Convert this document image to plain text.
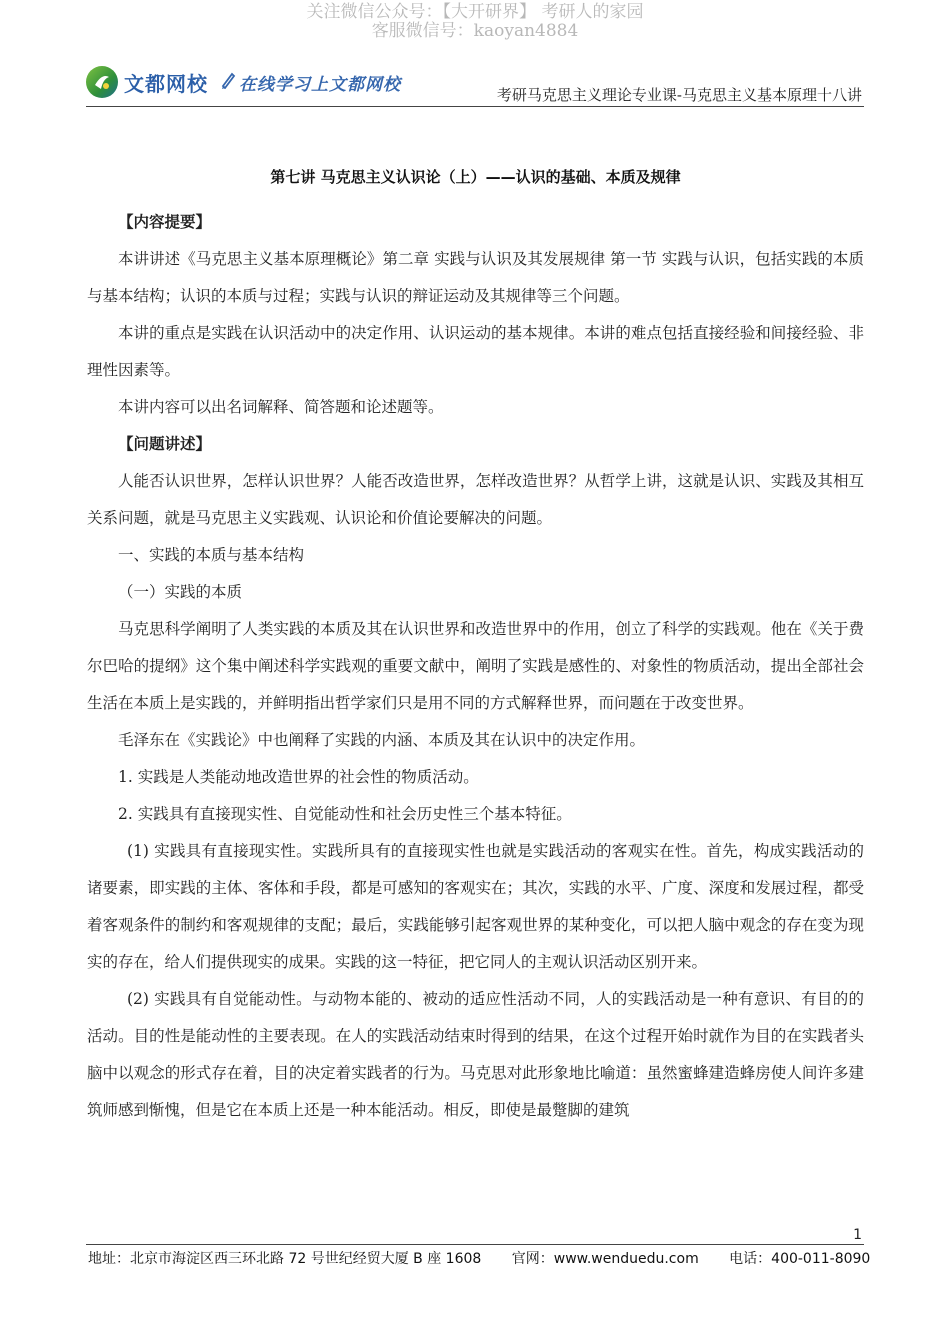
关注微信公众号：【大开研界】 考研人的家园
客服微信号：kaoyan4884
文都网校 在线学习上文都网校
考研马克思主义理论专业课-马克思主义基本原理十八讲
第七讲 马克思主义认识论（上）——认识的基础、本质及规律

【内容提要】

本讲讲述《马克思主义基本原理概论》第二章 实践与认识及其发展规律 第一节 实践与认识，包括实践的本质与基本结构；认识的本质与过程；实践与认识的辩证运动及其规律等三个问题。

本讲的重点是实践在认识活动中的决定作用、认识运动的基本规律。本讲的难点包括直接经验和间接经验、非理性因素等。

本讲内容可以出名词解释、简答题和论述题等。

【问题讲述】

人能否认识世界，怎样认识世界？人能否改造世界，怎样改造世界？从哲学上讲，这就是认识、实践及其相互关系问题，就是马克思主义实践观、认识论和价值论要解决的问题。

一、实践的本质与基本结构

（一）实践的本质

马克思科学阐明了人类实践的本质及其在认识世界和改造世界中的作用，创立了科学的实践观。他在《关于费尔巴哈的提纲》这个集中阐述科学实践观的重要文献中，阐明了实践是感性的、对象性的物质活动，提出全部社会生活在本质上是实践的，并鲜明指出哲学家们只是用不同的方式解释世界，而问题在于改变世界。

毛泽东在《实践论》中也阐释了实践的内涵、本质及其在认识中的决定作用。

1. 实践是人类能动地改造世界的社会性的物质活动。

2. 实践具有直接现实性、自觉能动性和社会历史性三个基本特征。

(1) 实践具有直接现实性。实践所具有的直接现实性也就是实践活动的客观实在性。首先，构成实践活动的诸要素，即实践的主体、客体和手段，都是可感知的客观实在；其次，实践的水平、广度、深度和发展过程，都受着客观条件的制约和客观规律的支配；最后，实践能够引起客观世界的某种变化，可以把人脑中观念的存在变为现实的存在，给人们提供现实的成果。实践的这一特征，把它同人的主观认识活动区别开来。

(2) 实践具有自觉能动性。与动物本能的、被动的适应性活动不同，人的实践活动是一种有意识、有目的的活动。目的性是能动性的主要表现。在人的实践活动结束时得到的结果，在这个过程开始时就作为目的在实践者头脑中以观念的形式存在着，目的决定着实践者的行为。马克思对此形象地比喻道：虽然蜜蜂建造蜂房使人间许多建筑师感到惭愧，但是它在本质上还是一种本能活动。相反，即使是最蹩脚的建筑

1
地址：北京市海淀区西三环北路 72 号世纪经贸大厦 B 座 1608 官网：www.wenduedu.com 电话：400-011-8090
